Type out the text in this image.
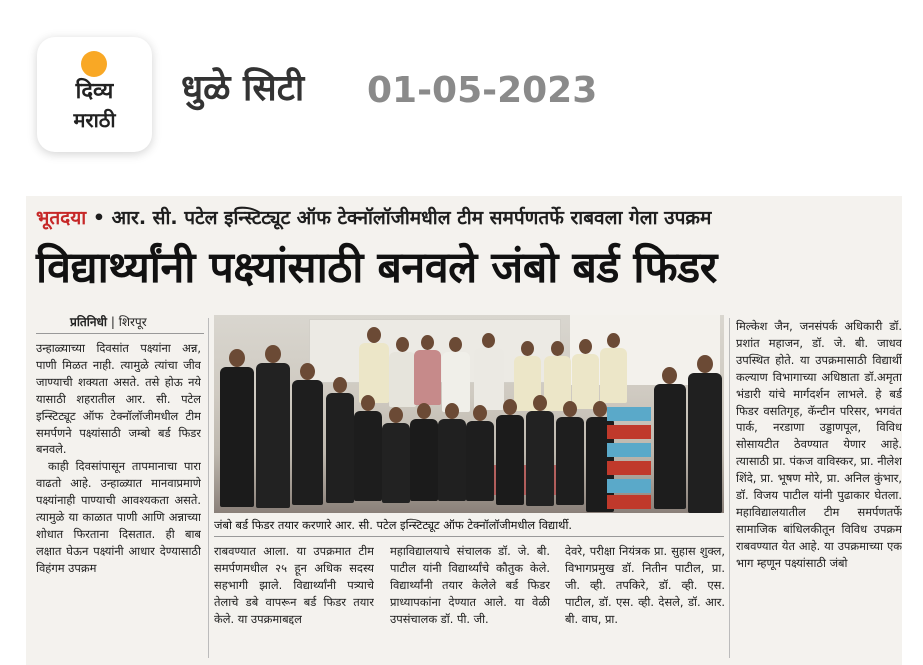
दिव्य
मराठी
धुळे सिटी 01-05-2023
भूतदया • आर. सी. पटेल इन्स्टिट्यूट ऑफ टेक्नॉलॉजीमधील टीम समर्पणतर्फे राबवला गेला उपक्रम
विद्यार्थ्यांनी पक्ष्यांसाठी बनवले जंबो बर्ड फिडर
प्रतिनिधी | शिरपूर

उन्हाळ्याच्या दिवसांत पक्ष्यांना अन्न, पाणी मिळत नाही. त्यामुळे त्यांचा जीव जाण्याची शक्यता असते. तसे होऊ नये यासाठी शहरातील आर. सी. पटेल इन्स्टिट्यूट ऑफ टेक्नॉलॉजीमधील टीम समर्पणने पक्ष्यांसाठी जम्बो बर्ड फिडर बनवले.

काही दिवसांपासून तापमानाचा पारा वाढतो आहे. उन्हाळ्यात मानवाप्रमाणे पक्ष्यांनाही पाण्याची आवश्यकता असते. त्यामुळे या काळात पाणी आणि अन्नाच्या शोधात फिरताना दिसतात. ही बाब लक्षात घेऊन पक्ष्यांनी आधार देण्यासाठी विहंगम उपक्रम

जंबो बर्ड फिडर तयार करणारे आर. सी. पटेल इन्स्टिट्यूट ऑफ टेक्नॉलॉजीमधील विद्यार्थी.

राबवण्यात आला. या उपक्रमात टीम समर्पणमधील २५ हून अधिक सदस्य सहभागी झाले. विद्यार्थ्यांनी पत्र्याचे तेलाचे डबे वापरून बर्ड फिडर तयार केले. या उपक्रमाबद्दल

महाविद्यालयाचे संचालक डॉ. जे. बी. पाटील यांनी विद्यार्थ्यांचे कौतुक केले. विद्यार्थ्यांनी तयार केलेले बर्ड फिडर प्राध्यापकांना देण्यात आले. या वेळी उपसंचालक डॉ. पी. जी.

देवरे, परीक्षा नियंत्रक प्रा. सुहास शुक्ल, विभागप्रमुख डॉ. नितीन पाटील, प्रा. जी. व्ही. तपकिरे, डॉ. व्ही. एस. पाटील, डॉ. एस. व्ही. देसले, डॉ. आर. बी. वाघ, प्रा.

मिल्केश जैन, जनसंपर्क अधिकारी डॉ. प्रशांत महाजन, डॉ. जे. बी. जाधव उपस्थित होते. या उपक्रमासाठी विद्यार्थी कल्याण विभागाच्या अधिष्ठाता डॉ.अमृता भंडारी यांचे मार्गदर्शन लाभले. हे बर्ड फिडर वसतिगृह, कॅन्टीन परिसर, भगवंत पार्क, नरडाणा उड्डाणपूल, विविध सोसायटीत ठेवण्यात येणार आहे. त्यासाठी प्रा. पंकज वाविस्कर, प्रा. नीलेश शिंदे, प्रा. भूषण मोरे, प्रा. अनिल कुंभार, डॉ. विजय पाटील यांनी पुढाकार घेतला. महाविद्यालयातील टीम समर्पणतर्फे सामाजिक बांधिलकीतून विविध उपक्रम राबवण्यात येत आहे. या उपक्रमाच्या एक भाग म्हणून पक्ष्यांसाठी जंबो
